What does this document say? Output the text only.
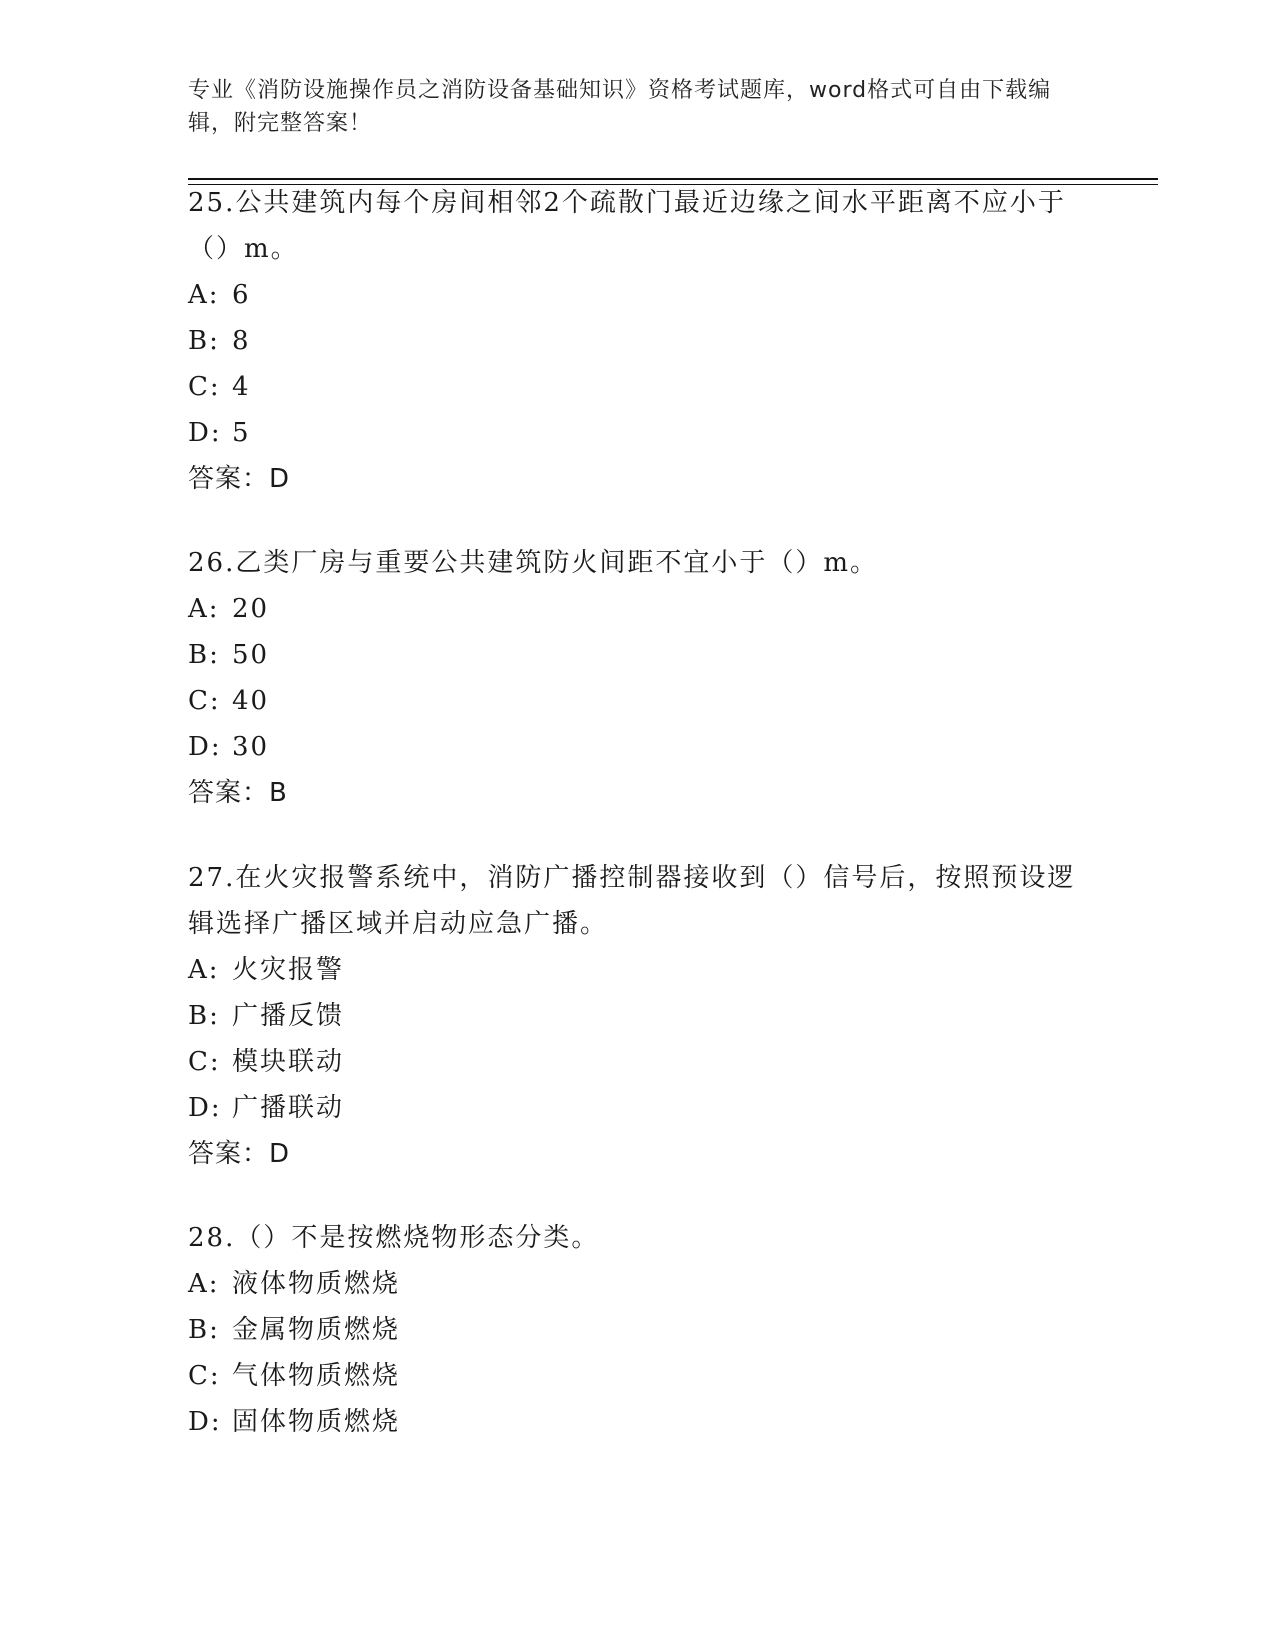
专业《消防设施操作员之消防设备基础知识》资格考试题库，word格式可自由下载编辑，附完整答案！

25.公共建筑内每个房间相邻2个疏散门最近边缘之间水平距离不应小于（）m。

A: 6

B: 8

C: 4

D: 5

答案：D

26.乙类厂房与重要公共建筑防火间距不宜小于（）m。

A: 20

B: 50

C: 40

D: 30

答案：B

27.在火灾报警系统中，消防广播控制器接收到（）信号后，按照预设逻辑选择广播区域并启动应急广播。

A: 火灾报警

B: 广播反馈

C: 模块联动

D: 广播联动

答案：D

28.（）不是按燃烧物形态分类。

A: 液体物质燃烧

B: 金属物质燃烧

C: 气体物质燃烧

D: 固体物质燃烧
